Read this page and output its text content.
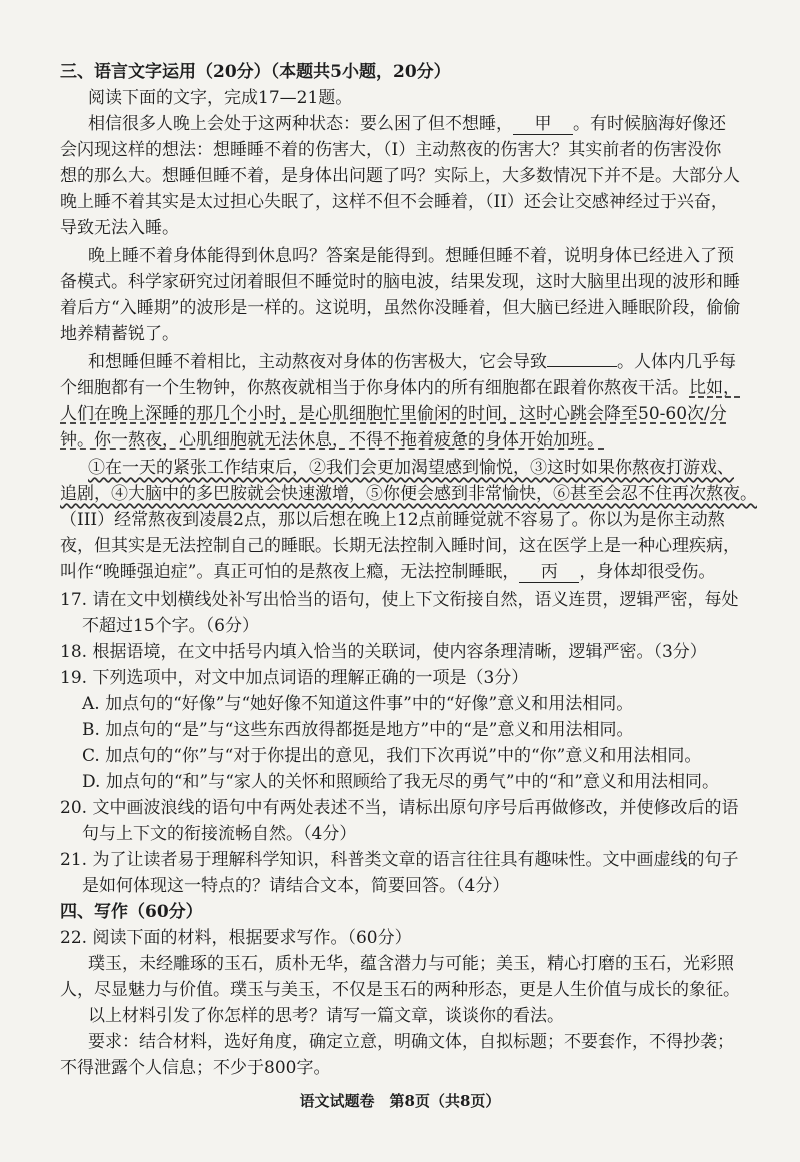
三、语言文字运用（20分）（本题共5小题，20分）
阅读下面的文字，完成17—21题。
相信很多人晚上会处于这两种状态：要么困了但不想睡， 甲 。有时候脑海好像还
会闪现这样的想法：想睡睡不着的伤害大，（I）主动熬夜的伤害大？其实前者的伤害没你
想的那么大。想睡但睡不着，是身体出问题了吗？实际上，大多数情况下并不是。大部分人
晚上睡不着其实是太过担心失眠了，这样不但不会睡着，（II）还会让交感神经过于兴奋，
导致无法入睡。
晚上睡不着身体能得到休息吗？答案是能得到。想睡但睡不着，说明身体已经进入了预
备模式。科学家研究过闭着眼但不睡觉时的脑电波，结果发现，这时大脑里出现的波形和睡
着后方“入睡期”的波形是一样的。这说明，虽然你没睡着，但大脑已经进入睡眠阶段，偷偷
地养精蓄锐了。
和想睡但睡不着相比，主动熬夜对身体的伤害极大，它会导致	。人体内几乎每
个细胞都有一个生物钟，你熬夜就相当于你身体内的所有细胞都在跟着你熬夜干活。比如，
人们在晚上深睡的那几个小时，是心肌细胞忙里偷闲的时间，这时心跳会降至50-60次/分
钟。你一熬夜，心肌细胞就无法休息，不得不拖着疲惫的身体开始加班。
①在一天的紧张工作结束后，②我们会更加渴望感到愉悦，③这时如果你熬夜打游戏、
追剧，④大脑中的多巴胺就会快速激增，⑤你便会感到非常愉快，⑥甚至会忍不住再次熬夜。
（III）经常熬夜到凌晨2点，那以后想在晚上12点前睡觉就不容易了。你以为是你主动熬
夜，但其实是无法控制自己的睡眠。长期无法控制入睡时间，这在医学上是一种心理疾病，
叫作“晚睡强迫症”。真正可怕的是熬夜上瘾，无法控制睡眠， 丙 ，身体却很受伤。
17. 请在文中划横线处补写出恰当的语句，使上下文衔接自然，语义连贯，逻辑严密，每处
不超过15个字。（6分）
18. 根据语境，在文中括号内填入恰当的关联词，使内容条理清晰，逻辑严密。（3分）
19. 下列选项中，对文中加点词语的理解正确的一项是（3分）
A. 加点句的“好像”与“她好像不知道这件事”中的“好像”意义和用法相同。
B. 加点句的“是”与“这些东西放得都挺是地方”中的“是”意义和用法相同。
C. 加点句的“你”与“对于你提出的意见，我们下次再说”中的“你”意义和用法相同。
D. 加点句的“和”与“家人的关怀和照顾给了我无尽的勇气”中的“和”意义和用法相同。
20. 文中画波浪线的语句中有两处表述不当，请标出原句序号后再做修改，并使修改后的语
句与上下文的衔接流畅自然。（4分）
21. 为了让读者易于理解科学知识，科普类文章的语言往往具有趣味性。文中画虚线的句子
是如何体现这一特点的？请结合文本，简要回答。（4分）
四、写作（60分）
22. 阅读下面的材料，根据要求写作。（60分）
璞玉，未经雕琢的玉石，质朴无华，蕴含潜力与可能；美玉，精心打磨的玉石，光彩照
人，尽显魅力与价值。璞玉与美玉，不仅是玉石的两种形态，更是人生价值与成长的象征。
以上材料引发了你怎样的思考？请写一篇文章，谈谈你的看法。
要求：结合材料，选好角度，确定立意，明确文体，自拟标题；不要套作，不得抄袭；
不得泄露个人信息；不少于800字。
语文试题卷　第8页（共8页）
